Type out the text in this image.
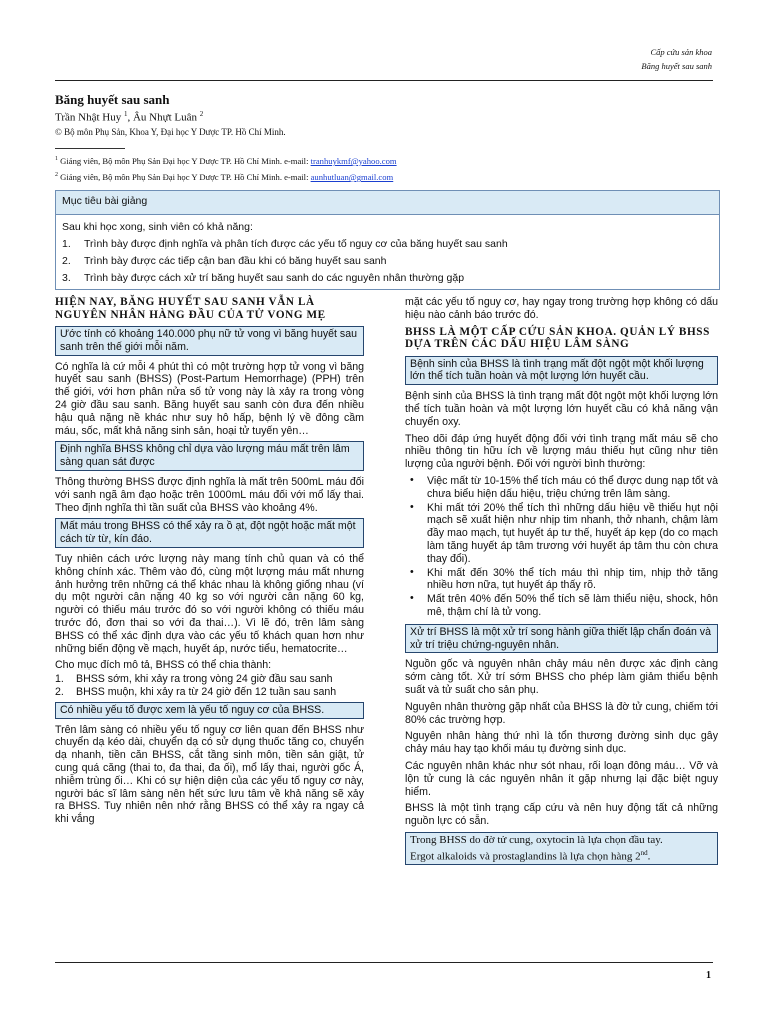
Cấp cứu sản khoa
Băng huyết sau sanh
Băng huyết sau sanh
Trần Nhật Huy $^1$, Âu Nhựt Luân $^2$
© Bộ môn Phụ Sản, Khoa Y, Đại học Y Dược TP. Hồ Chí Minh.
$^1$ Giảng viên, Bộ môn Phụ Sản Đại học Y Dược TP. Hồ Chí Minh. e-mail: tranhuykmf@yahoo.com
$^2$ Giảng viên, Bộ môn Phụ Sản Đại học Y Dược TP. Hồ Chí Minh. e-mail: aunhutluan@gmail.com
Mục tiêu bài giảng
Sau khi học xong, sinh viên có khả năng:
1. Trình bày được định nghĩa và phân tích được các yếu tố nguy cơ của băng huyết sau sanh
2. Trình bày được các tiếp cận ban đầu khi có băng huyết sau sanh
3. Trình bày được cách xử trí băng huyết sau sanh do các nguyên nhân thường gặp
HIỆN NAY, BĂNG HUYẾT SAU SANH VẪN LÀ NGUYÊN NHÂN HÀNG ĐẦU CỦA TỬ VONG MẸ
Ước tính có khoảng 140.000 phụ nữ tử vong vì băng huyết sau sanh trên thế giới mỗi năm.

Có nghĩa là cứ mỗi 4 phút thì có một trường hợp tử vong vì băng huyết sau sanh (BHSS) (Post-Partum Hemorrhage) (PPH) trên thế giới, với hơn phân nửa số tử vong này là xảy ra trong vòng 24 giờ đầu sau sanh. Băng huyết sau sanh còn đưa đến nhiều hậu quả nặng nề khác như suy hô hấp, bệnh lý về đông cầm máu, sốc, mất khả năng sinh sản, hoại tử tuyến yên…

Định nghĩa BHSS không chỉ dựa vào lượng máu mất trên lâm sàng quan sát được

Thông thường BHSS được định nghĩa là mất trên 500mL máu đối với sanh ngã âm đạo hoặc trên 1000mL máu đối với mổ lấy thai. Theo định nghĩa thì tần suất của BHSS vào khoảng 4%.

Mất máu trong BHSS có thể xảy ra ồ ạt, đột ngột hoặc mất một cách từ từ, kín đáo.

Tuy nhiên cách ước lượng này mang tính chủ quan và có thể không chính xác. Thêm vào đó, cùng một lượng máu mất nhưng ảnh hưởng trên những cá thể khác nhau là không giống nhau (ví dụ một người cân nặng 40 kg so với người cân nặng 60 kg, người có thiếu máu trước đó so với người không có thiếu máu trước đó, đơn thai so với đa thai…). Vì lẽ đó, trên lâm sàng BHSS có thể xác định dựa vào các yếu tố khách quan hơn như những biến động về mạch, huyết áp, nước tiểu, hematocrite…

Cho mục đích mô tả, BHSS có thể chia thành:

1. BHSS sớm, khi xảy ra trong vòng 24 giờ đầu sau sanh
2. BHSS muộn, khi xảy ra từ 24 giờ đến 12 tuần sau sanh
Có nhiều yếu tố được xem là yếu tố nguy cơ của BHSS.

Trên lâm sàng có nhiều yếu tố nguy cơ liên quan đến BHSS như chuyển dạ kéo dài, chuyển dạ có sử dụng thuốc tăng co, chuyển dạ nhanh, tiền căn BHSS, cắt tầng sinh môn, tiền sản giật, tử cung quá căng (thai to, đa thai, đa ối), mổ lấy thai, người gốc Á, nhiễm trùng ối… Khi có sự hiện diện của các yếu tố nguy cơ này, người bác sĩ lâm sàng nên hết sức lưu tâm về khả năng sẽ xảy ra BHSS. Tuy nhiên nên nhớ rằng BHSS có thể xảy ra ngay cả khi vắng

mặt các yếu tố nguy cơ, hay ngay trong trường hợp không có dấu hiệu nào cảnh báo trước đó.

BHSS LÀ MỘT CẤP CỨU SẢN KHOA. QUẢN LÝ BHSS DỰA TRÊN CÁC DẤU HIỆU LÂM SÀNG
Bệnh sinh của BHSS là tình trạng mất đột ngột một khối lượng lớn thể tích tuần hoàn và một lượng lớn huyết cầu.

Bệnh sinh của BHSS là tình trạng mất đột ngột một khối lượng lớn thể tích tuần hoàn và một lượng lớn huyết cầu có khả năng vận chuyển oxy.

Theo dõi đáp ứng huyết động đối với tình trạng mất máu sẽ cho nhiều thông tin hữu ích về lượng máu thiếu hụt cũng như tiên lượng của người bệnh. Đối với người bình thường:

• Việc mất từ 10-15% thể tích máu có thể được dung nạp tốt và chưa biểu hiện dấu hiệu, triệu chứng trên lâm sàng.
• Khi mất tới 20% thể tích thì những dấu hiệu về thiếu hụt nội mạch sẽ xuất hiện như nhịp tim nhanh, thở nhanh, chậm làm đầy mao mạch, tụt huyết áp tư thế, huyết áp kẹp (do co mạch làm tăng huyết áp tâm trương với huyết áp tâm thu còn chưa thay đổi).
• Khi mất đến 30% thể tích máu thì nhịp tim, nhịp thở tăng nhiều hơn nữa, tụt huyết áp thấy rõ.
• Mất trên 40% đến 50% thể tích sẽ làm thiểu niệu, shock, hôn mê, thậm chí là tử vong.
Xử trí BHSS là một xử trí song hành giữa thiết lập chẩn đoán và xử trí triệu chứng-nguyên nhân.

Nguồn gốc và nguyên nhân chảy máu nên được xác định càng sớm càng tốt. Xử trí sớm BHSS cho phép làm giảm thiểu bệnh suất và tử suất cho sản phụ.

Nguyên nhân thường gặp nhất của BHSS là đờ tử cung, chiếm tới 80% các trường hợp.

Nguyên nhân hàng thứ nhì là tổn thương đường sinh dục gây chảy máu hay tạo khối máu tụ đường sinh dục.

Các nguyên nhân khác như sót nhau, rối loạn đông máu… Vỡ và lộn tử cung là các nguyên nhân ít gặp nhưng lại đặc biệt nguy hiểm.

BHSS là một tình trạng cấp cứu và nên huy động tất cả những nguồn lực có sẵn.

Trong BHSS do đờ tử cung, oxytocin là lựa chọn đầu tay.
Ergot alkaloids và prostaglandins là lựa chọn hàng 2nd.
1
